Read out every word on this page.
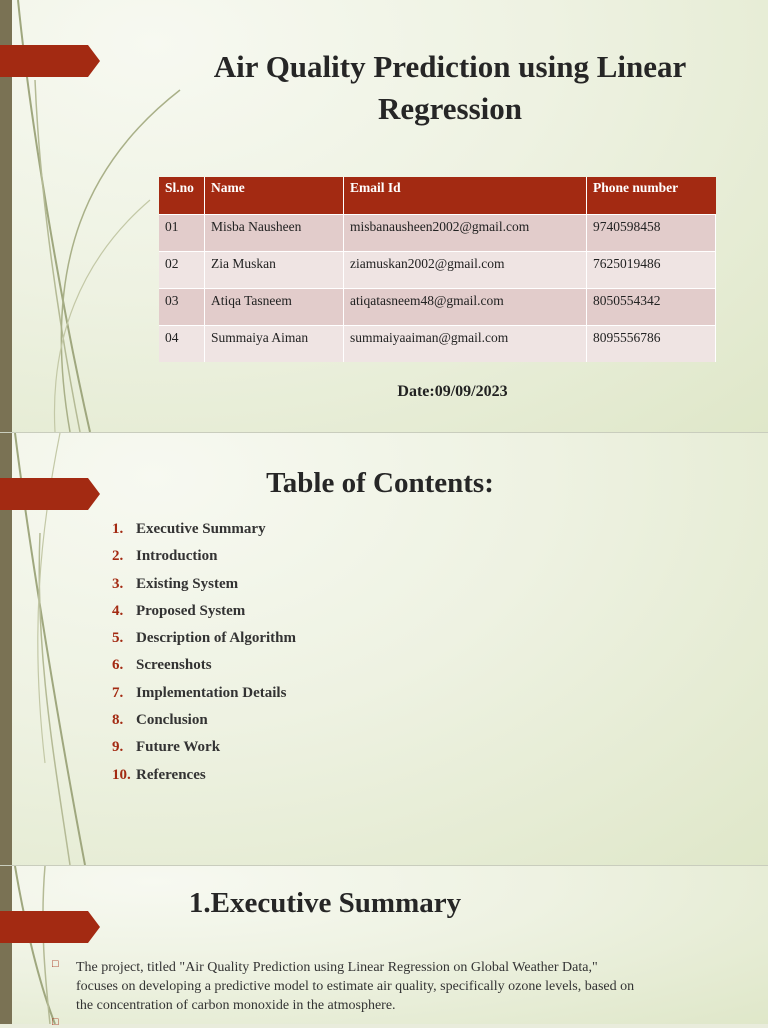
Air Quality Prediction using Linear Regression
Sl.no	Name	Email Id	Phone number
01	Misba Nausheen	misbanausheen2002@gmail.com	9740598458
02	Zia Muskan	ziamuskan2002@gmail.com	7625019486
03	Atiqa Tasneem	atiqatasneem48@gmail.com	8050554342
04	Summaiya Aiman	summaiyaaiman@gmail.com	8095556786
Date:09/09/2023
Table of Contents:
1. Executive Summary
2. Introduction
3. Existing System
4. Proposed System
5. Description of Algorithm
6. Screenshots
7. Implementation Details
8. Conclusion
9. Future Work
10. References
1.Executive Summary
□ The project, titled "Air Quality Prediction using Linear Regression on Global Weather Data," focuses on developing a predictive model to estimate air quality, specifically ozone levels, based on the concentration of carbon monoxide in the atmosphere.

□
